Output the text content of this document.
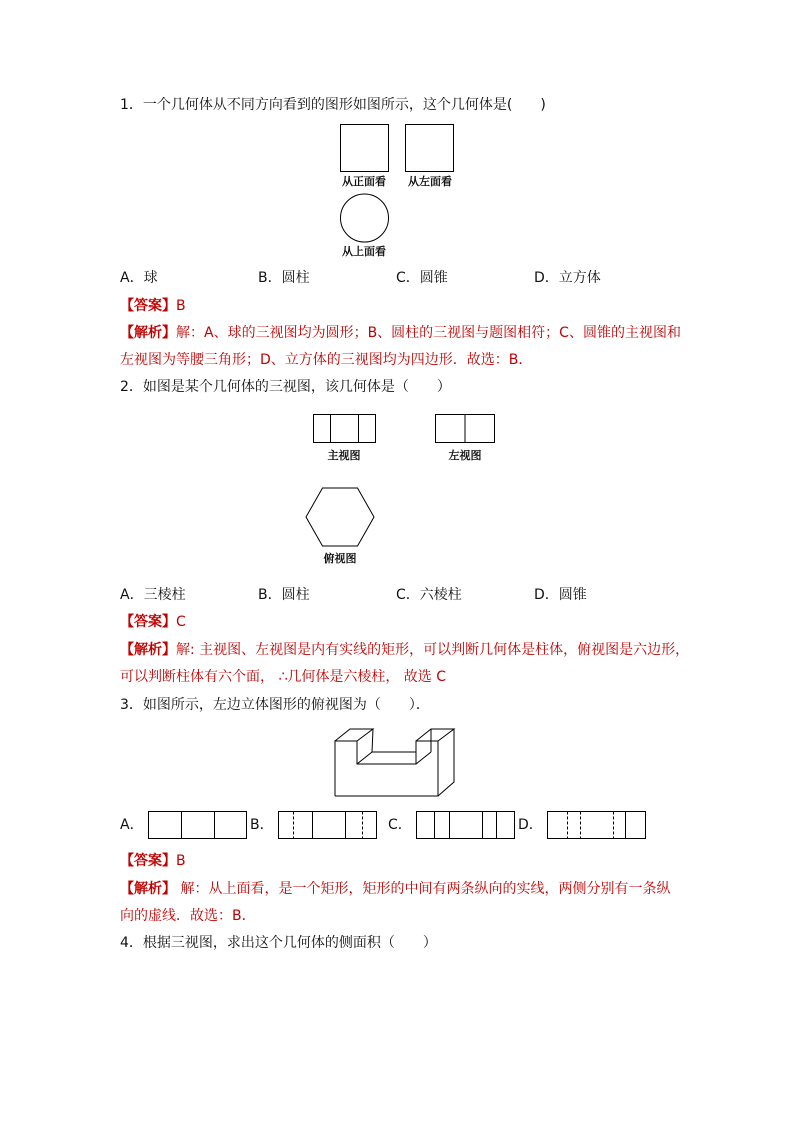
1．一个几何体从不同方向看到的图形如图所示，这个几何体是(　　)
从正面看	从左面看
从上面看
A．球	B．圆柱	C．圆锥	D．立方体
【答案】B
【解析】解：A、球的三视图均为圆形；B、圆柱的三视图与题图相符；C、圆锥的主视图和
左视图为等腰三角形；D、立方体的三视图均为四边形．故选：B．
2．如图是某个几何体的三视图，该几何体是（　　）
主视图	左视图
俯视图
A．三棱柱	B．圆柱	C．六棱柱	D．圆锥
【答案】C
【解析】解: 主视图、左视图是内有实线的矩形，可以判断几何体是柱体，俯视图是六边形，
可以判断柱体有六个面， ∴几何体是六棱柱， 故选 C
3．如图所示，左边立体图形的俯视图为（　　）．
A．	B．	C．	D．
【答案】B
【解析】 解：从上面看，是一个矩形，矩形的中间有两条纵向的实线，两侧分别有一条纵
向的虚线．故选：B．
4．根据三视图，求出这个几何体的侧面积（　　）
